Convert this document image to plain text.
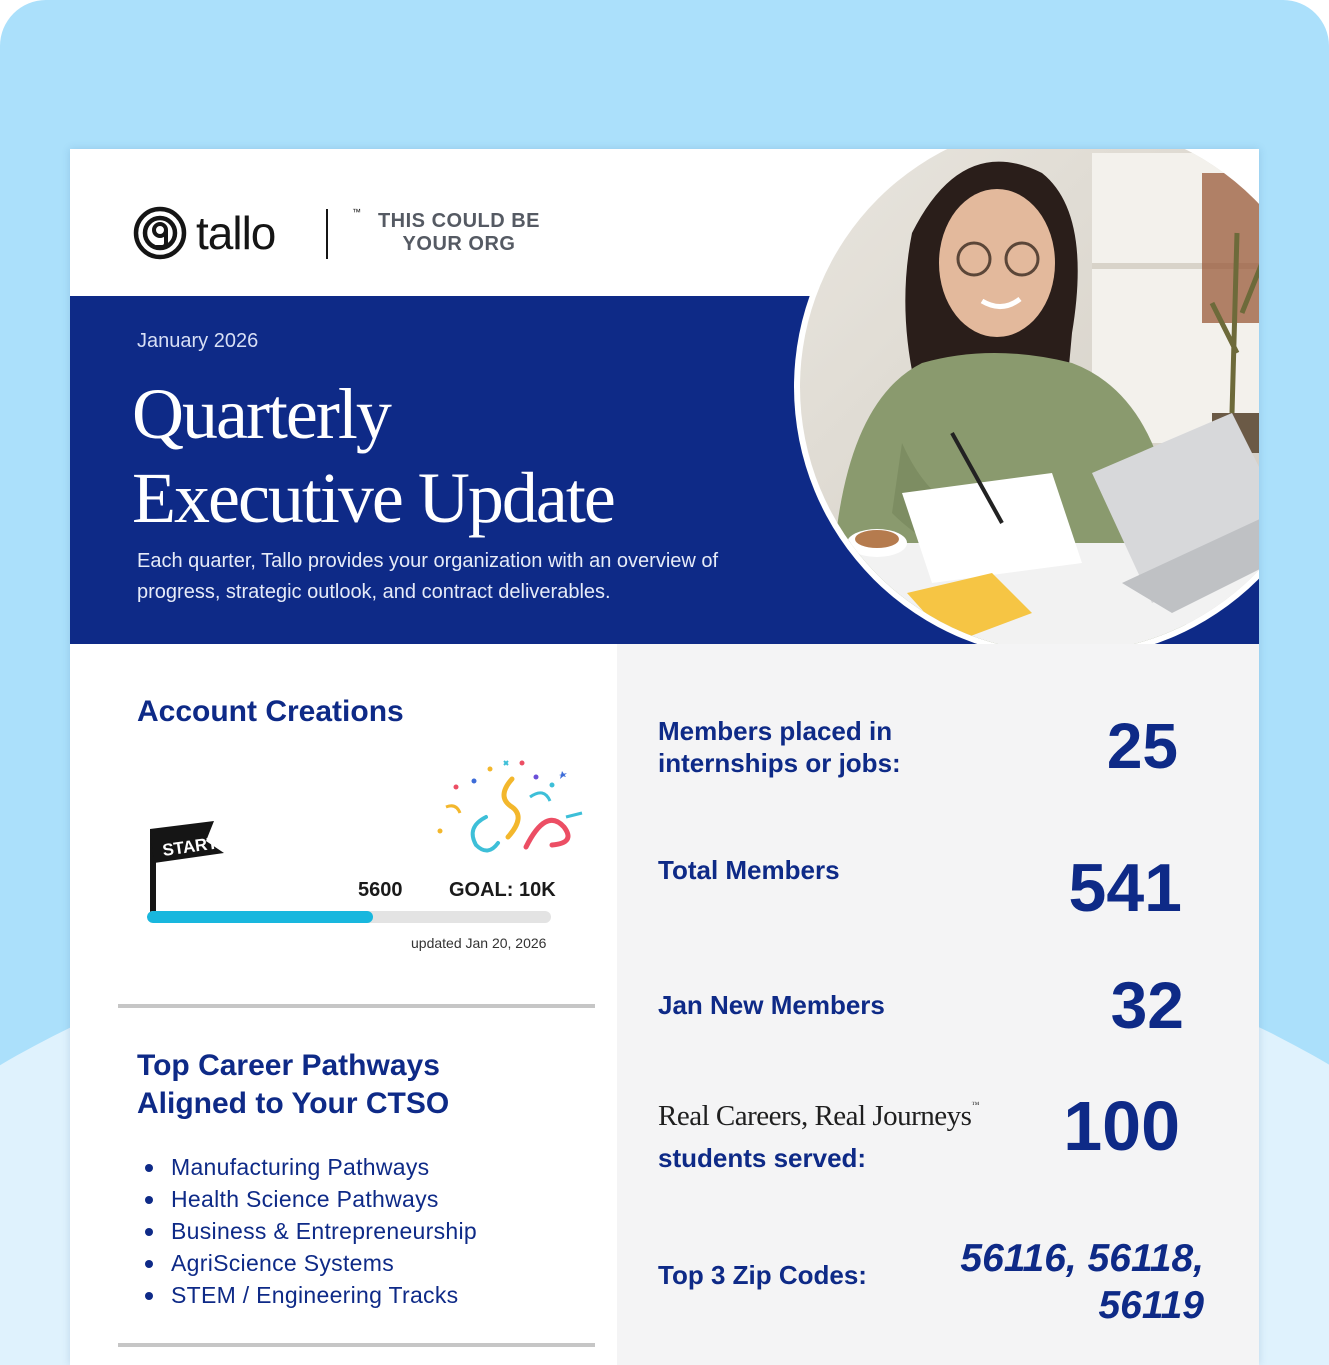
tallo	™ THIS COULD BE YOUR ORG
January 2026
Quarterly
Executive Update
Each quarter, Tallo provides your organization with an overview of progress, strategic outlook, and contract deliverables.
Account Creations
START
5600 GOAL: 10K
updated Jan 20, 2026
Top Career Pathways
Aligned to Your CTSO
Manufacturing Pathways
Health Science Pathways
Business & Entrepreneurship
AgriScience Systems
STEM / Engineering Tracks
Members placed in
internships or jobs:	25
Total Members	541
Jan New Members	32
Real Careers, Real Journeys™
students served:	100
Top 3 Zip Codes:	56116, 56118,
56119
